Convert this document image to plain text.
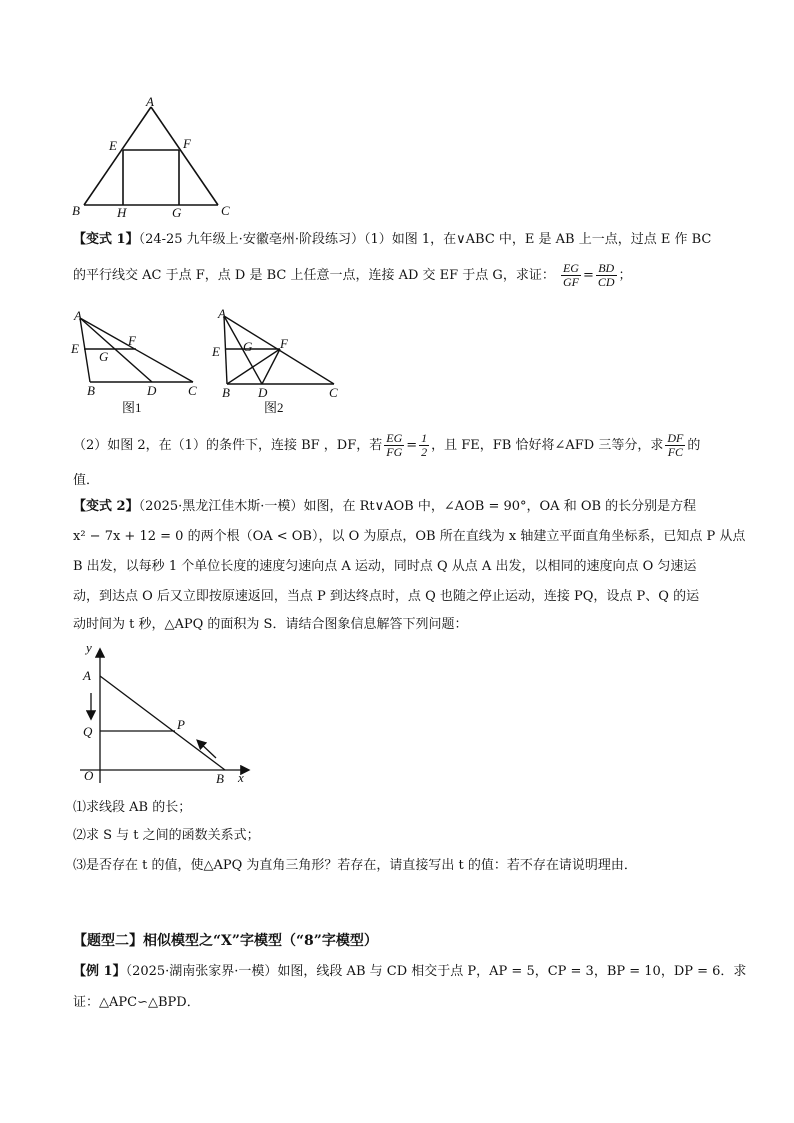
A
E	F
B	H	G	C
【变式 1】（24-25 九年级上·安徽亳州·阶段练习）（1）如图 1，在∨ABC 中，E 是 AB 上一点，过点 E 作 BC
的平行线交 AC 于点 F，点 D 是 BC 上任意一点，连接 AD 交 EF 于点 G，求证： $\frac{EG}{GF} = \frac{BD}{CD}$ ；
A
E
F
G
B	D C
图1
A
E
F
G
B D	C
图2
（2）如图 2，在（1）的条件下，连接 BF ，DF，若 $\frac{EG}{FG} = \frac{1}{2}$ ，且 FE，FB 恰好将∠AFD 三等分，求 $\frac{DF}{FC}$ 的
值．
【变式 2】（2025·黑龙江佳木斯·一模）如图，在 Rt∨AOB 中，∠AOB = 90°，OA 和 OB 的长分别是方程
x² − 7x + 12 = 0 的两个根（OA < OB），以 O 为原点，OB 所在直线为 x 轴建立平面直角坐标系，已知点 P 从点
B 出发，以每秒 1 个单位长度的速度匀速向点 A 运动，同时点 Q 从点 A 出发，以相同的速度向点 O 匀速运
动，到达点 O 后又立即按原速返回，当点 P 到达终点时，点 Q 也随之停止运动，连接 PQ，设点 P、Q 的运
动时间为 t 秒，△APQ 的面积为 S．请结合图象信息解答下列问题：
y
x
A
Q	P
O	B
⑴求线段 AB 的长；
⑵求 S 与 t 之间的函数关系式；
⑶是否存在 t 的值，使△APQ 为直角三角形？若存在，请直接写出 t 的值：若不存在请说明理由．
【题型二】相似模型之“X”字模型（“8”字模型）
【例 1】（2025·湖南张家界·一模）如图，线段 AB 与 CD 相交于点 P，AP = 5，CP = 3，BP = 10，DP = 6．求
证：△APC∽△BPD．
